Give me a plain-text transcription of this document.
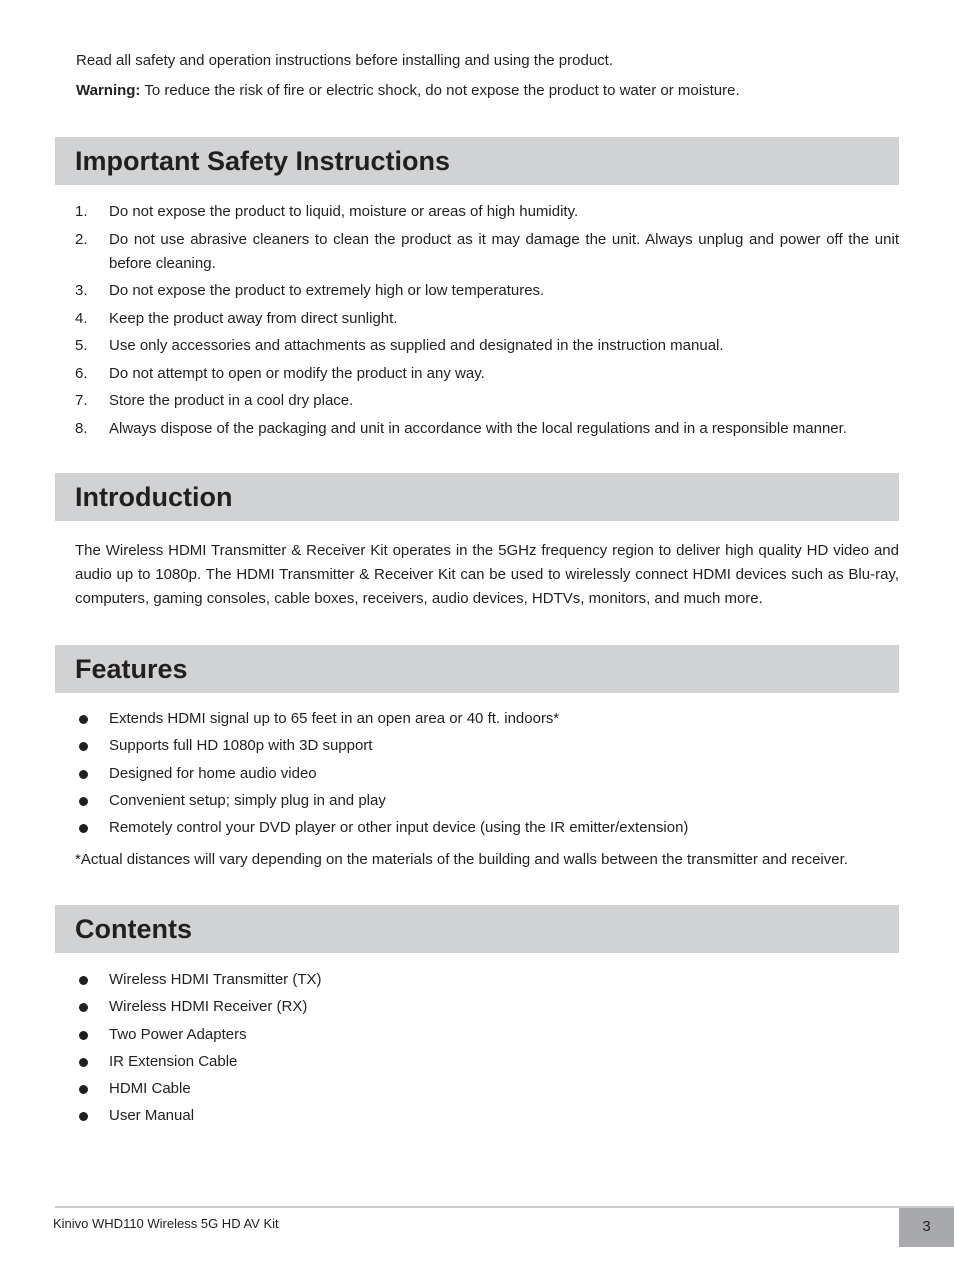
Read all safety and operation instructions before installing and using the product.
Warning: To reduce the risk of fire or electric shock, do not expose the product to water or moisture.
Important Safety Instructions
1. Do not expose the product to liquid, moisture or areas of high humidity.
2. Do not use abrasive cleaners to clean the product as it may damage the unit. Always unplug and power off the unit before cleaning.
3. Do not expose the product to extremely high or low temperatures.
4. Keep the product away from direct sunlight.
5. Use only accessories and attachments as supplied and designated in the instruction manual.
6. Do not attempt to open or modify the product in any way.
7. Store the product in a cool dry place.
8. Always dispose of the packaging and unit in accordance with the local regulations and in a responsible manner.
Introduction
The Wireless HDMI Transmitter & Receiver Kit operates in the 5GHz frequency region to deliver high quality HD video and audio up to 1080p. The HDMI Transmitter & Receiver Kit can be used to wirelessly connect HDMI devices such as Blu-ray, computers, gaming consoles, cable boxes, receivers, audio devices, HDTVs, monitors, and much more.
Features
Extends HDMI signal up to 65 feet in an open area or 40 ft. indoors*
Supports full HD 1080p with 3D support
Designed for home audio video
Convenient setup; simply plug in and play
Remotely control your DVD player or other input device (using the IR emitter/extension)
*Actual distances will vary depending on the materials of the building and walls between the transmitter and receiver.
Contents
Wireless HDMI Transmitter (TX)
Wireless HDMI Receiver (RX)
Two Power Adapters
IR Extension Cable
HDMI Cable
User Manual
Kinivo WHD110 Wireless 5G HD AV Kit	3
